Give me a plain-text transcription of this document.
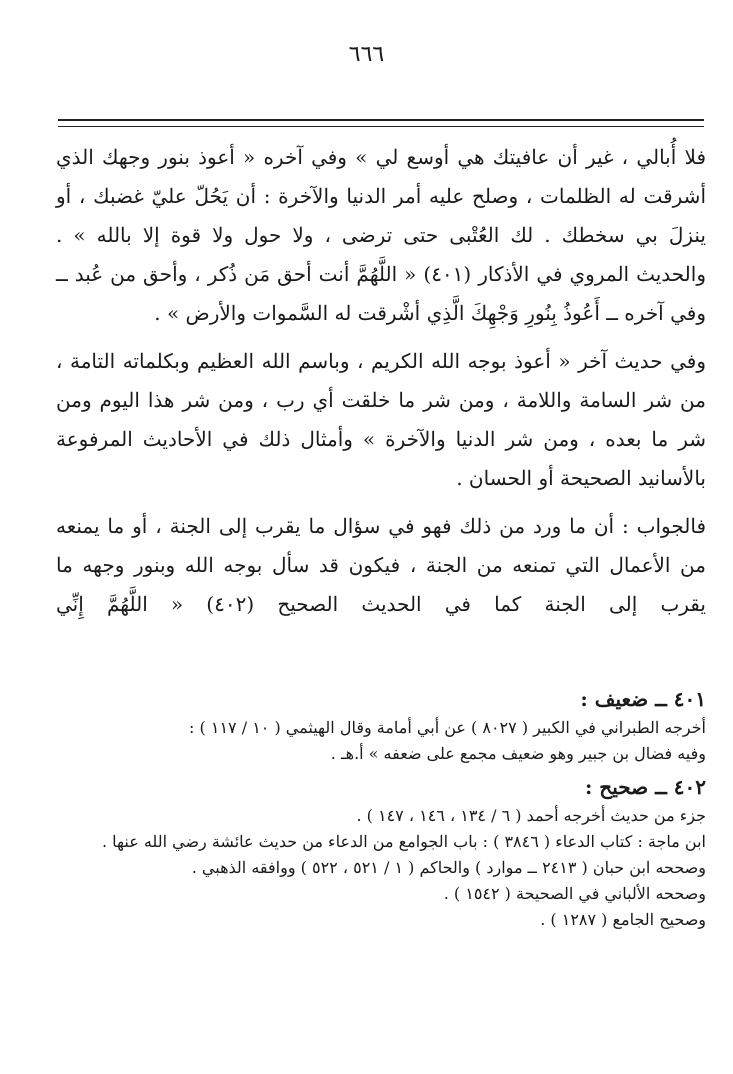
٦٦٦

فلا أُبالي ، غير أن عافيتك هي أوسع لي » وفي آخره « أعوذ بنور وجهك الذي أشرقت له الظلمات ، وصلح عليه أمر الدنيا والآخرة : أن يَحُلّ عليّ غضبك ، أو ينزلَ بي سخطك . لك العُتْبى حتى ترضى ، ولا حول ولا قوة إلا بالله » . والحديث المروي في الأذكار (٤٠١) « اللَّهُمَّ أنت أحق مَن ذُكر ، وأحق من عُبد ــ وفي آخره ــ أَعُوذُ بِنُورِ وَجْهِكَ الَّذِي أشْرقت له السَّموات والأرض » .

وفي حديث آخر « أعوذ بوجه الله الكريم ، وباسم الله العظيم وبكلماته التامة ، من شر السامة واللامة ، ومن شر ما خلقت أي رب ، ومن شر هذا اليوم ومن شر ما بعده ، ومن شر الدنيا والآخرة » وأمثال ذلك في الأحاديث المرفوعة بالأسانيد الصحيحة أو الحسان .

فالجواب : أن ما ورد من ذلك فهو في سؤال ما يقرب إلى الجنة ، أو ما يمنعه من الأعمال التي تمنعه من الجنة ، فيكون قد سأل بوجه الله وبنور وجهه ما يقرب إلى الجنة كما في الحديث الصحيح (٤٠٢) « اللَّهُمَّ إِنِّي

٤٠١ ــ ضعيف :

أخرجه الطبراني في الكبير ( ٨٠٢٧ ) عن أبي أمامة وقال الهيثمي ( ١٠ / ١١٧ ) :

وفيه فضال بن جبير وهو ضعيف مجمع على ضعفه » أ.هـ .

٤٠٢ ــ صحيح :

جزء من حديث أخرجه أحمد ( ٦ / ١٣٤ ، ١٤٦ ، ١٤٧ ) .

ابن ماجة : كتاب الدعاء ( ٣٨٤٦ ) : باب الجوامع من الدعاء من حديث عائشة رضي الله عنها .

وصححه ابن حبان ( ٢٤١٣ ــ موارد ) والحاكم ( ١ / ٥٢١ ، ٥٢٢ ) ووافقه الذهبي .

وصححه الألباني في الصحيحة ( ١٥٤٢ ) .

وصحيح الجامع ( ١٢٨٧ ) .
